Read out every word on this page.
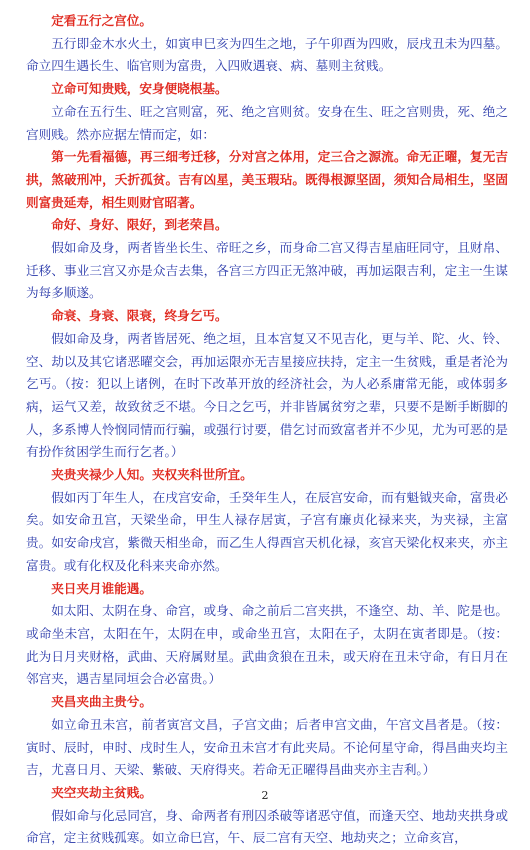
定看五行之宫位。

五行即金木水火土，如寅申巳亥为四生之地，子午卯酉为四败，辰戌丑未为四墓。命立四生遇长生、临官则为富贵，入四败遇衰、病、墓则主贫贱。

立命可知贵贱，安身便晓根基。

立命在五行生、旺之宫则富，死、绝之宫则贫。安身在生、旺之宫则贵，死、绝之宫则贱。然亦应据左情而定，如：

第一先看福德，再三细考迁移，分对宫之体用，定三合之源流。命无正曜，复无吉拱，煞破刑冲，夭折孤贫。吉有凶星，美玉瑕玷。既得根源坚固，须知合局相生，坚固则富贵延寿，相生则财官昭著。

命好、身好、限好，到老荣昌。

假如命及身，两者皆坐长生、帝旺之乡，而身命二宫又得吉星庙旺同守，且财帛、迁移、事业三宫又亦是众吉去集，各宫三方四正无煞冲破，再加运限吉利，定主一生谋为每多顺遂。

命衰、身衰、限衰，终身乞丐。

假如命及身，两者皆居死、绝之垣，且本宫复又不见吉化，更与羊、陀、火、铃、空、劫以及其它诸恶曜交会，再加运限亦无吉星接应扶持，定主一生贫贱，重是者沦为乞丐。（按：犯以上诸例，在时下改革开放的经济社会，为人必系庸常无能，或体弱多病，运气又差，故致贫乏不堪。今日之乞丐，并非皆属贫穷之辈，只要不是断手断脚的人，多系博人怜悯同情而行骗，或强行讨要，借乞讨而致富者并不少见，尤为可恶的是有扮作贫困学生而行乞者。）

夹贵夹禄少人知。夹权夹科世所宜。

假如丙丁年生人，在戌宫安命，壬癸年生人，在辰宫安命，而有魁钺夹命，富贵必矣。如安命丑宫，天梁坐命，甲生人禄存居寅，子宫有廉贞化禄来夹，为夹禄，主富贵。如安命戌宫，紫微天相坐命，而乙生人得酉宫天机化禄，亥宫天梁化权来夹，亦主富贵。或有化权及化科来夹命亦然。

夹日夹月谁能遇。

如太阳、太阴在身、命宫，或身、命之前后二宫夹拱，不逢空、劫、羊、陀是也。或命坐未宫，太阳在午，太阴在申，或命坐丑宫，太阳在子，太阴在寅者即是。（按：此为日月夹财格，武曲、天府属财星。武曲贪狼在丑未，或天府在丑未守命，有日月在邻宫夹，遇吉星同垣会合必富贵。）

夹昌夹曲主贵兮。

如立命丑未宫，前者寅宫文昌，子宫文曲；后者申宫文曲，午宫文昌者是。（按：寅时、辰时，申时、戌时生人，安命丑未宫才有此夹局。不论何星守命，得昌曲夹均主吉，尤喜日月、天梁、紫破、天府得夹。若命无正曜得昌曲夹亦主吉利。）

夹空夹劫主贫贱。

假如命与化忌同宫，身、命两者有刑囚杀破等诸恶守值，而逢天空、地劫夹拱身或命宫，定主贫贱孤寒。如立命巳宫，午、辰二宫有天空、地劫夹之；立命亥宫，

2
